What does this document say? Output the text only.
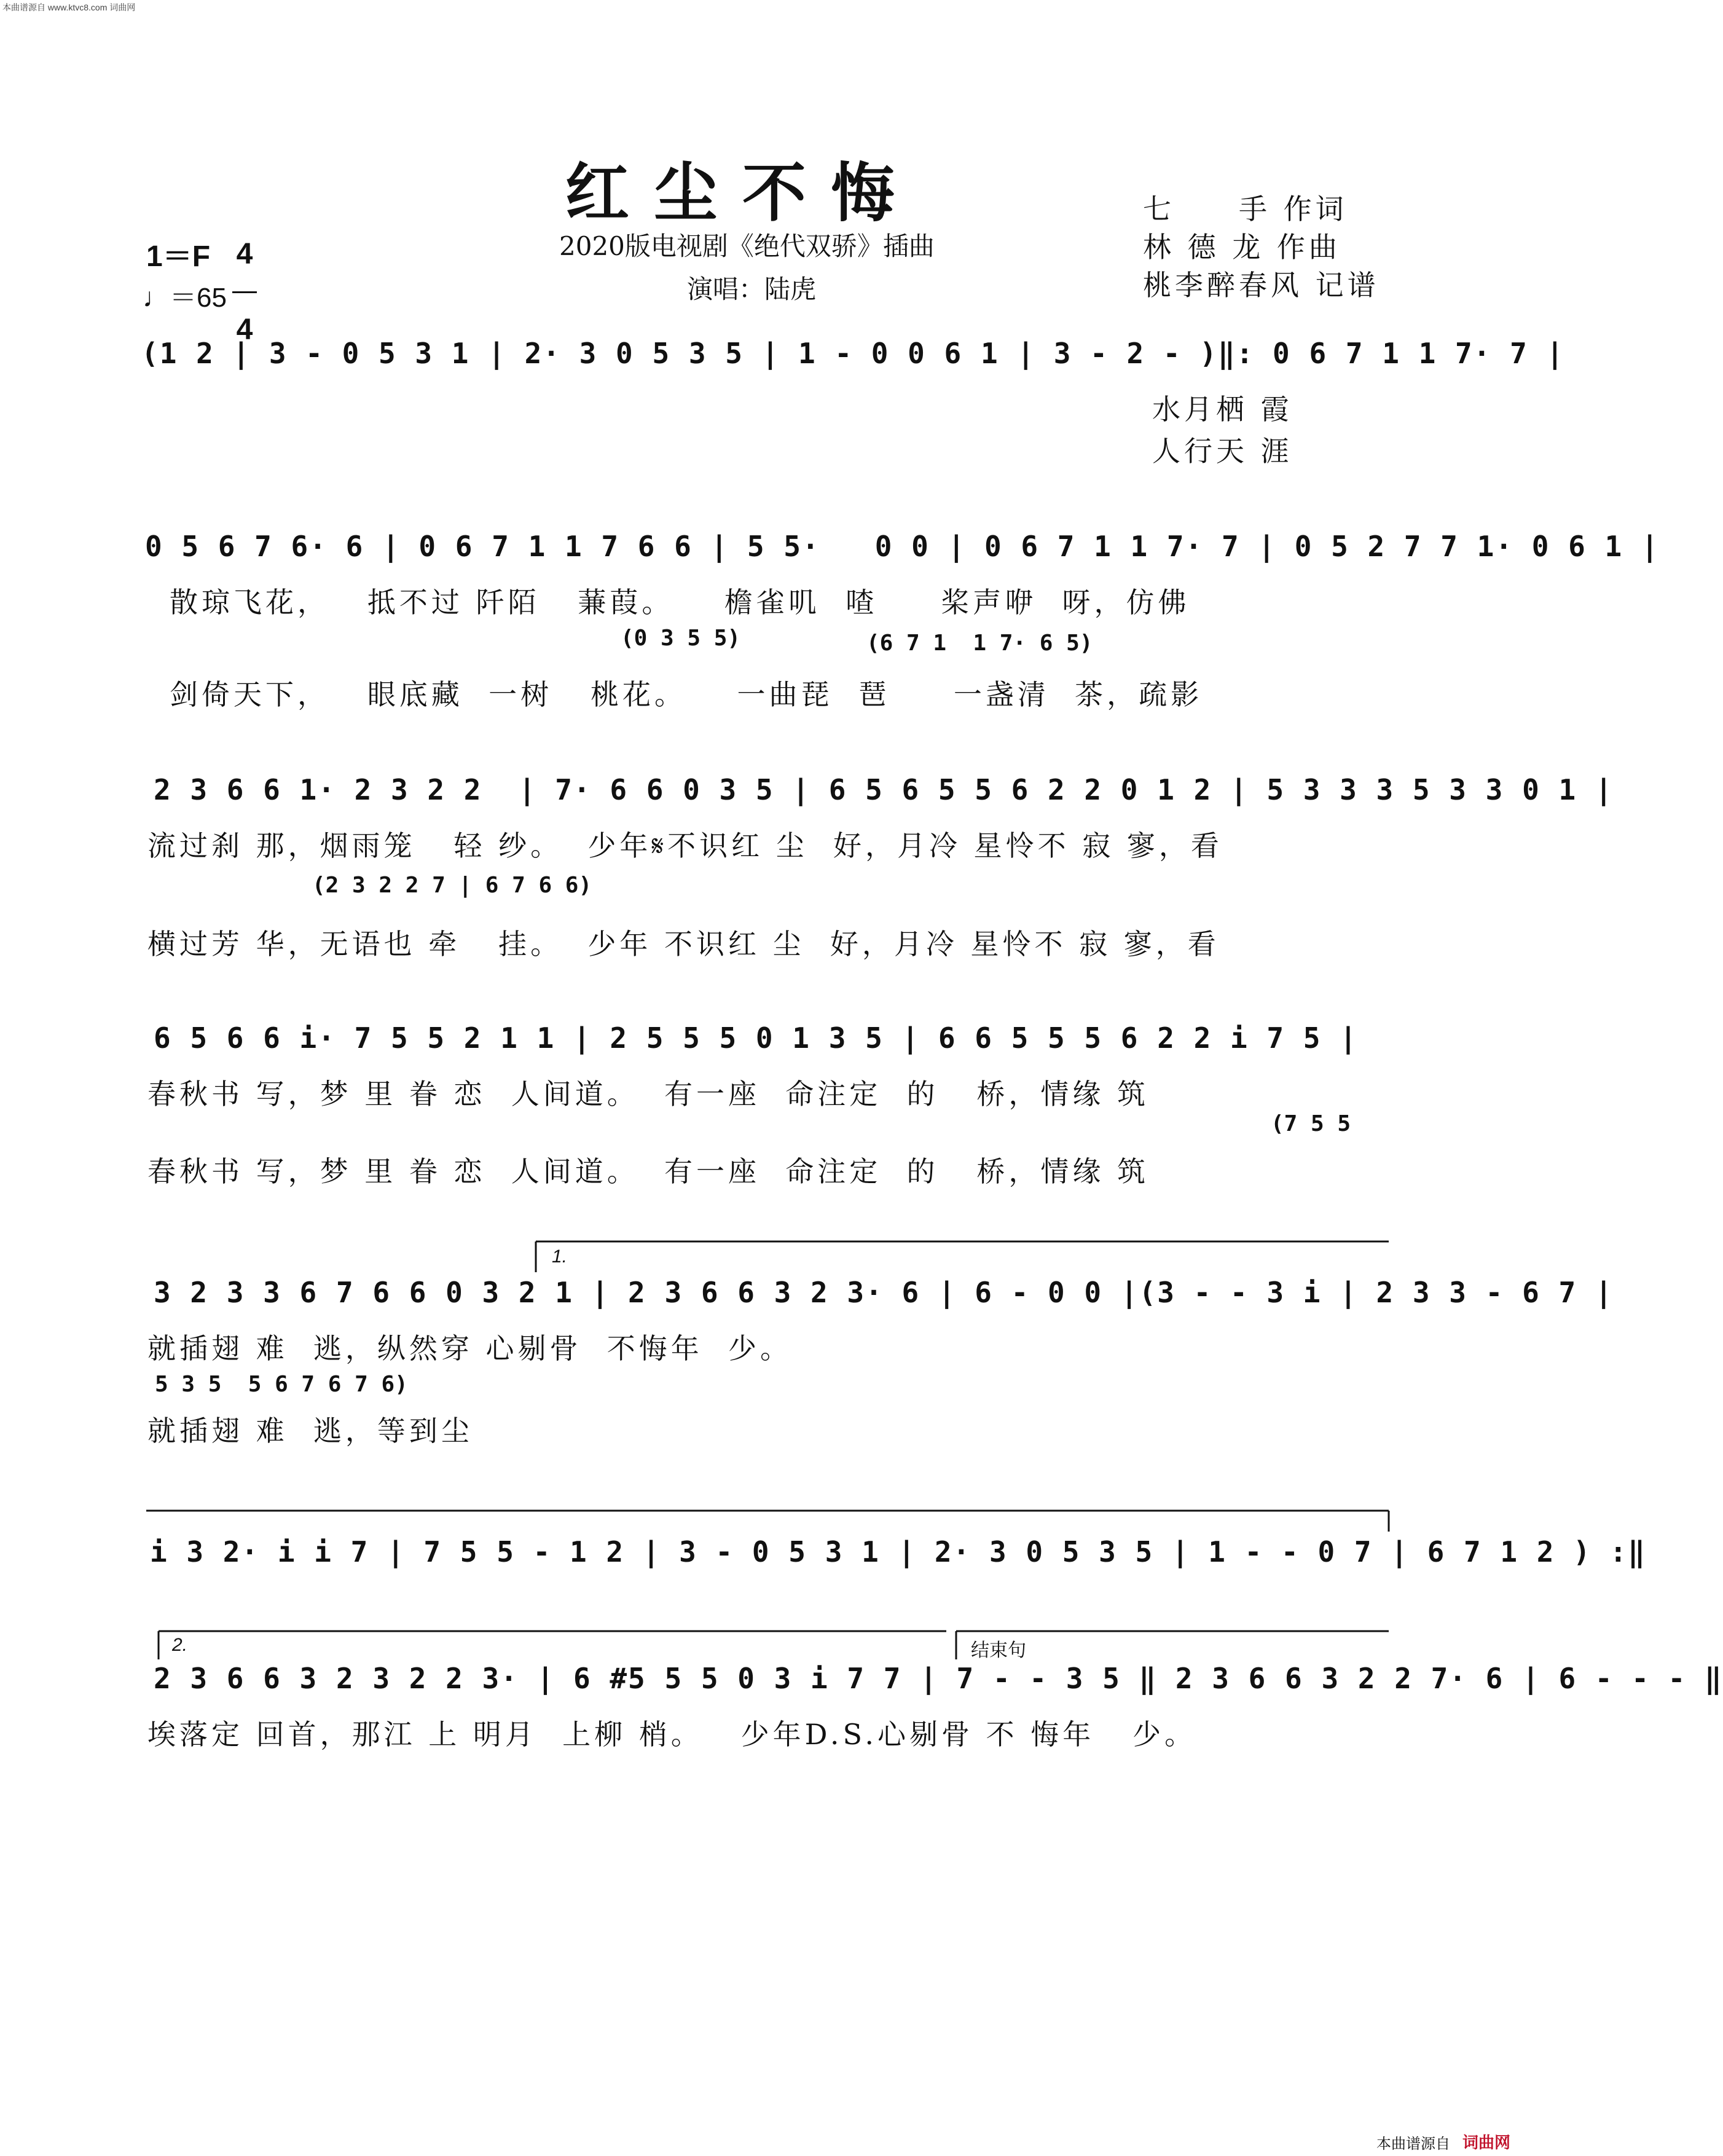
本曲谱源自 www.ktvc8.com 词曲网
红尘不悔
2020版电视剧《绝代双骄》插曲
演唱：陆虎
七　　手 作词
林 德 龙 作曲
桃李醉春风 记谱
1＝F

4

4

♩＝65
(1 2 | 3 - 0 5 3 1 | 2· 3 0 5 3 5 | 1 - 0 0 6 1 | 3 - 2 - )‖: 0 6 7 1 1 7· 7 |
水月栖 霞
人行天 涯
0 5 6 7 6· 6 | 0 6 7 1 1 7 6 6 | 5 5·   0 0 | 0 6 7 1 1 7· 7 | 0 5 2 7 7 1· 0 6 1 |
散琼飞花，   抵不过 阡陌   蒹葭。    檐雀叽  喳     桨声咿  呀，仿佛
(0 3 5 5)	(6 7 1  1 7· 6 5)
剑倚天下，   眼底藏  一树   桃花。    一曲琵  琶     一盏清  茶，疏影
2 3 6 6 1· 2 3 2 2  | 7· 6 6 0 3 5 | 6 5 6 5 5 6 2 2 0 1 2 | 5 3 3 3 5 3 3 0 1 |
流过刹 那，烟雨笼   轻 纱。  少年𝄋不识红 尘  好，月冷 星怜不 寂 寥，看
(2 3 2 2 7 | 6 7 6 6)
横过芳 华，无语也 牵   挂。  少年 不识红 尘  好，月冷 星怜不 寂 寥，看
6 5 6 6 i· 7 5 5 2 1 1 | 2 5 5 5 0 1 3 5 | 6 6 5 5 5 6 2 2 i 7 5 |
春秋书 写，梦 里 眷 恋  人间道。  有一座  命注定  的   桥，情缘 筑
(7 5 5
春秋书 写，梦 里 眷 恋  人间道。  有一座  命注定  的   桥，情缘 筑
1.
3 2 3 3 6 7 6 6 0 3 2 1 | 2 3 6 6 3 2 3· 6 | 6 - 0 0 |(3 - - 3 i | 2 3 3 - 6 7 |
就插翅 难  逃，纵然穿 心剔骨  不悔年  少。
5 3 5  5 6 7 6 7 6)
就插翅 难  逃，等到尘
i 3 2· i i 7 | 7 5 5 - 1 2 | 3 - 0 5 3 1 | 2· 3 0 5 3 5 | 1 - - 0 7 | 6 7 1 2 ) :‖
2.	结束句
2 3 6 6 3 2 3 2 2 3· | 6 #5 5 5 0 3 i 7 7 | 7 - - 3 5 ‖ 2 3 6 6 3 2 2 7· 6 | 6 - - - ‖
埃落定 回首，那江 上 明月  上柳 梢。   少年D.S.心剔骨 不 悔年   少。
本曲谱源自 词曲网
